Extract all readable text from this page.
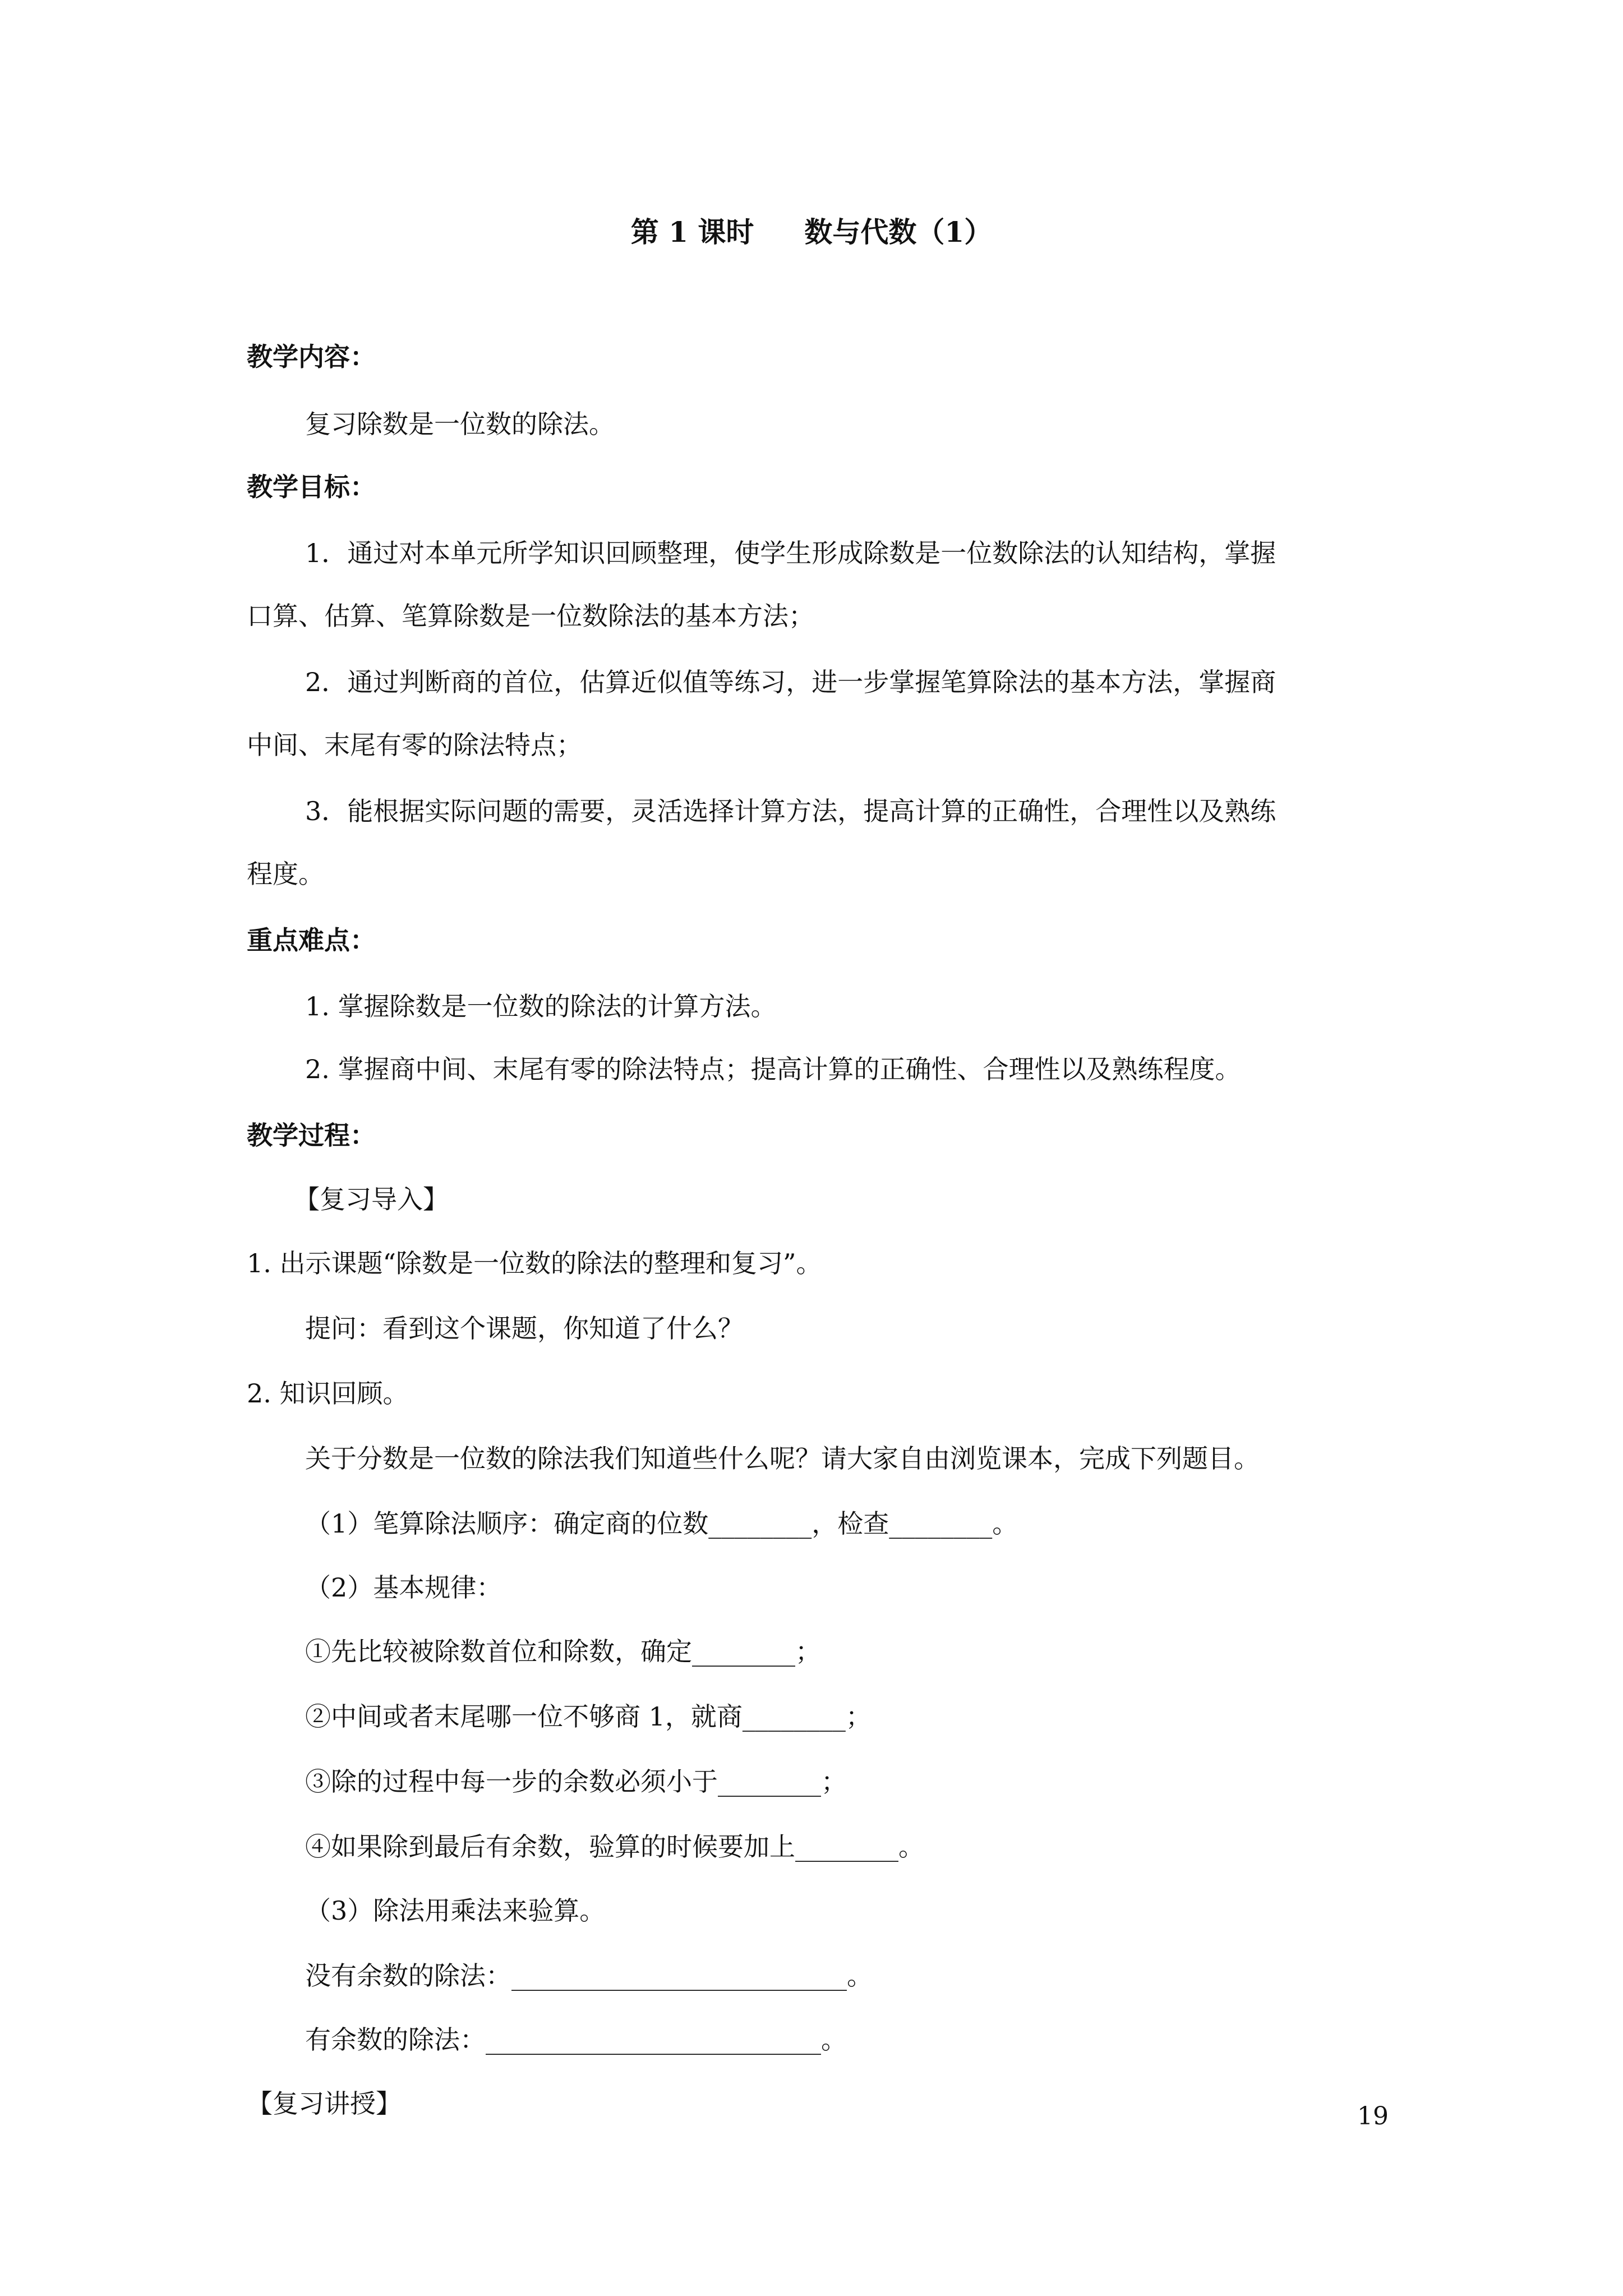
第 1 课时 数与代数（1）
教学内容：
复习除数是一位数的除法。
教学目标：
1．通过对本单元所学知识回顾整理，使学生形成除数是一位数除法的认知结构，掌握
口算、估算、笔算除数是一位数除法的基本方法；
2．通过判断商的首位，估算近似值等练习，进一步掌握笔算除法的基本方法，掌握商
中间、末尾有零的除法特点；
3．能根据实际问题的需要，灵活选择计算方法，提高计算的正确性，合理性以及熟练
程度。
重点难点：
1. 掌握除数是一位数的除法的计算方法。
2. 掌握商中间、末尾有零的除法特点；提高计算的正确性、合理性以及熟练程度。
教学过程：
【复习导入】
1. 出示课题“除数是一位数的除法的整理和复习”。
提问：看到这个课题，你知道了什么？
2. 知识回顾。
关于分数是一位数的除法我们知道些什么呢？请大家自由浏览课本，完成下列题目。
（1）笔算除法顺序：确定商的位数________，检查________。
（2）基本规律：
①先比较被除数首位和除数，确定________；
②中间或者末尾哪一位不够商 1，就商________；
③除的过程中每一步的余数必须小于________；
④如果除到最后有余数，验算的时候要加上________。
（3）除法用乘法来验算。
没有余数的除法：__________________________。
有余数的除法：__________________________。
【复习讲授】	19
